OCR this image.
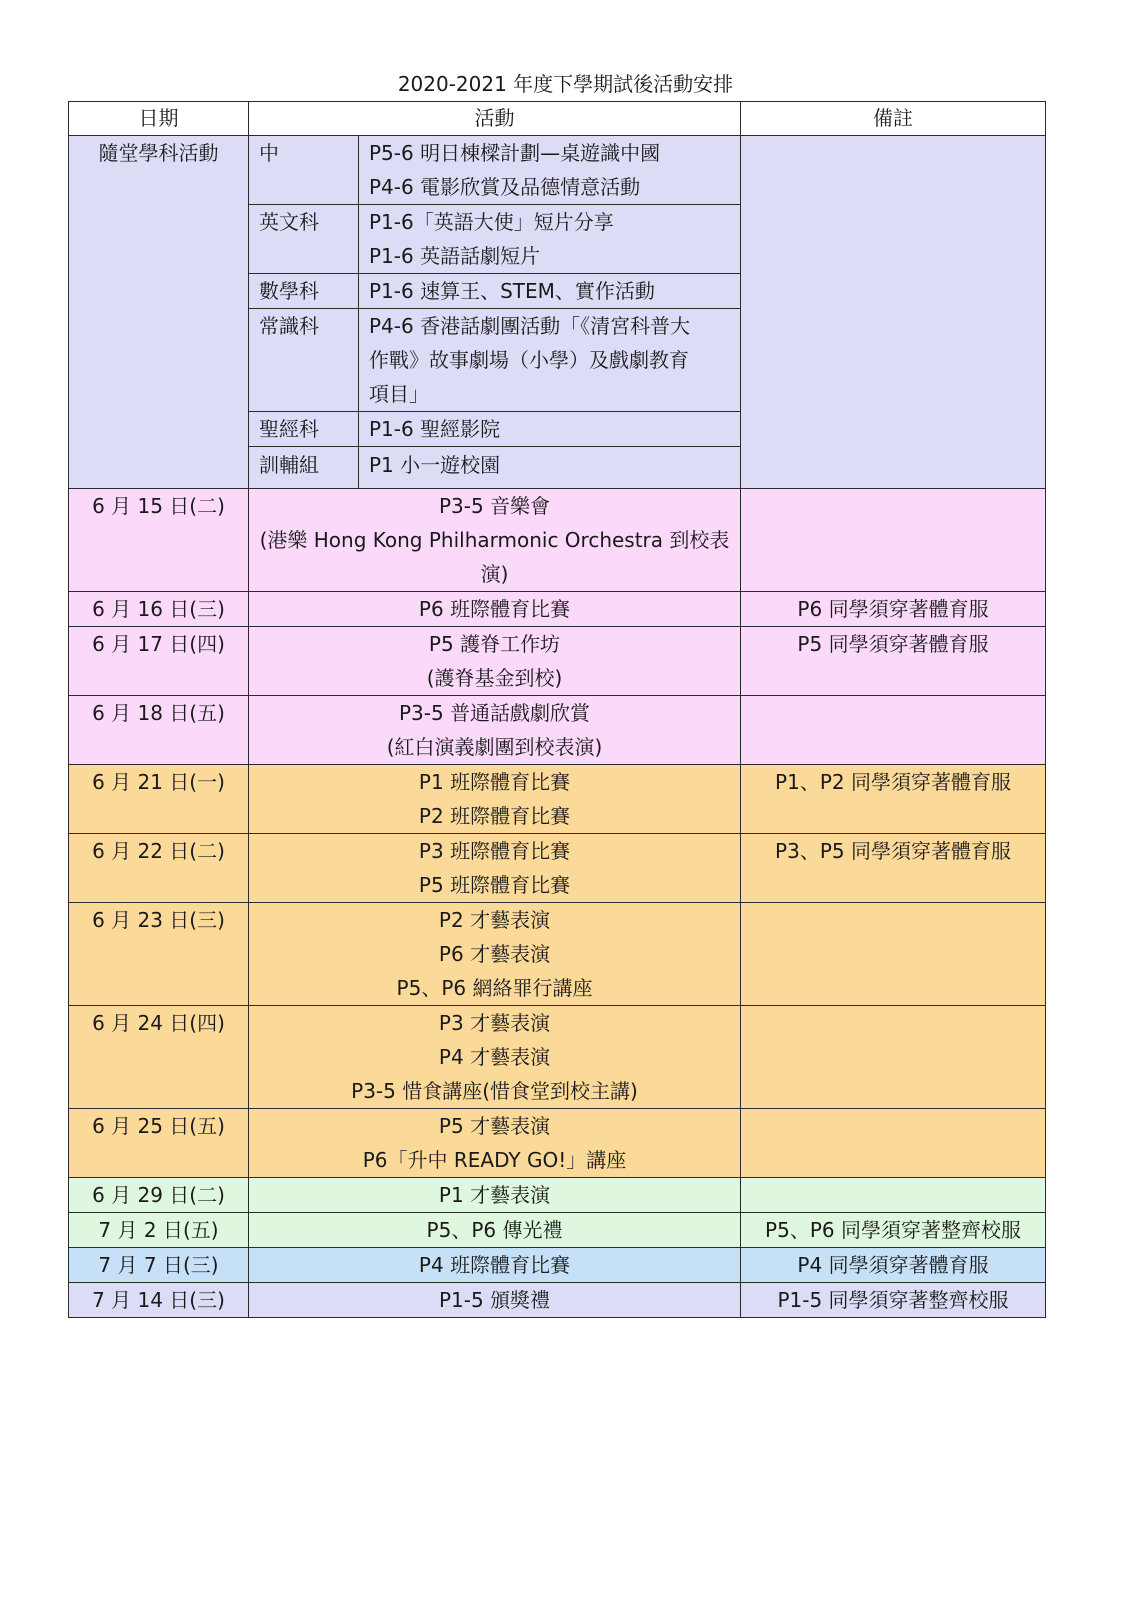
2020-2021 年度下學期試後活動安排
日期	活動		備註
隨堂學科活動	中	P5-6 明日棟樑計劃—桌遊識中國
P4-6 電影欣賞及品德情意活動	

	英文科	P1-6「英語大使」短片分享
P1-6 英語話劇短片	

	數學科	P1-6 速算王、STEM、實作活動	

	常識科	P4-6 香港話劇團活動「《清宮科普大
作戰》故事劇場（小學）及戲劇教育
項目」	

	聖經科	P1-6 聖經影院	

	訓輔組	P1 小一遊校園	

6 月 15 日(二)	P3-5 音樂會
(港樂 Hong Kong Philharmonic Orchestra 到校表
演)		

6 月 16 日(三)	P6 班際體育比賽		P6 同學須穿著體育服
6 月 17 日(四)	P5 護脊工作坊
(護脊基金到校)		P5 同學須穿著體育服
6 月 18 日(五)	P3-5 普通話戲劇欣賞
(紅白演義劇團到校表演)		

6 月 21 日(一)	P1 班際體育比賽
P2 班際體育比賽		P1、P2 同學須穿著體育服
6 月 22 日(二)	P3 班際體育比賽
P5 班際體育比賽		P3、P5 同學須穿著體育服
6 月 23 日(三)	P2 才藝表演
P6 才藝表演
P5、P6 網絡罪行講座		

6 月 24 日(四)	P3 才藝表演
P4 才藝表演
P3-5 惜食講座(惜食堂到校主講)		

6 月 25 日(五)	P5 才藝表演
P6「升中 READY GO!」講座		

6 月 29 日(二)	P1 才藝表演		

7 月 2 日(五)	P5、P6 傳光禮		P5、P6 同學須穿著整齊校服
7 月 7 日(三)	P4 班際體育比賽		P4 同學須穿著體育服
7 月 14 日(三)	P1-5 頒獎禮		P1-5 同學須穿著整齊校服
